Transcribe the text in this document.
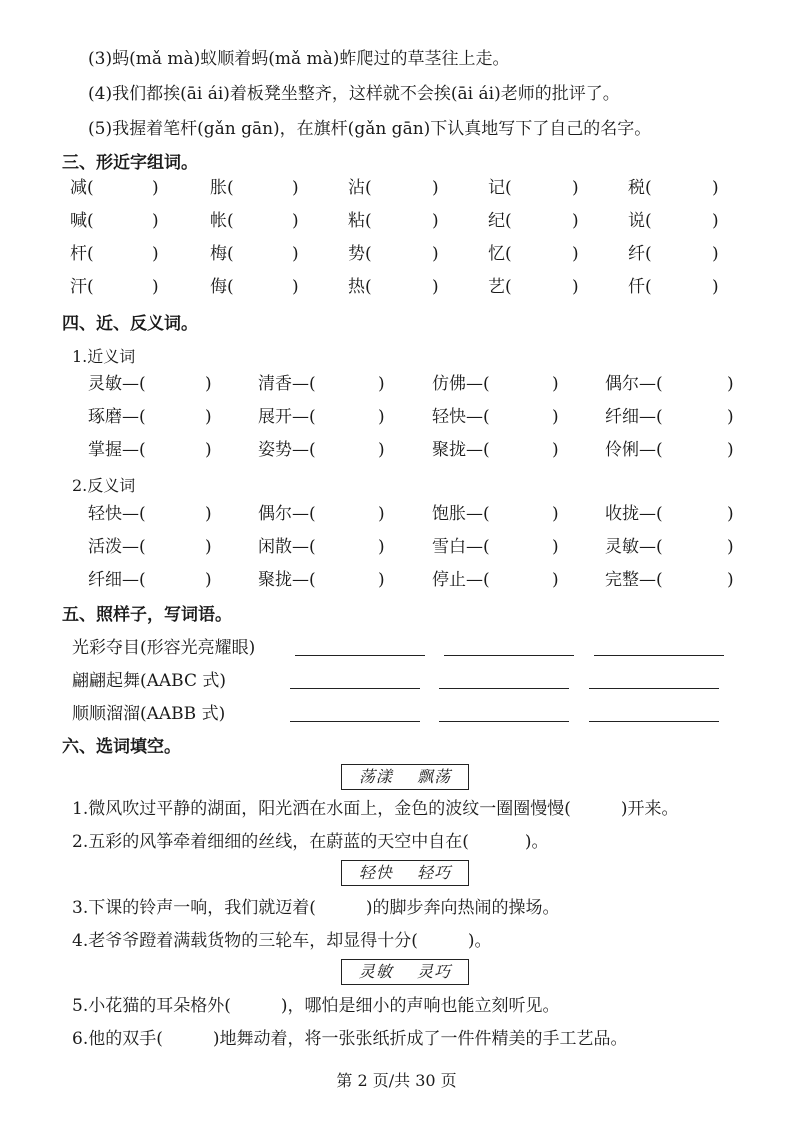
(3)蚂(mǎ mà)蚁顺着蚂(mǎ mà)蚱爬过的草茎往上走。
(4)我们都挨(āi ái)着板凳坐整齐，这样就不会挨(āi ái)老师的批评了。
(5)我握着笔杆(gǎn gān)，在旗杆(gǎn gān)下认真地写下了自己的名字。
三、形近字组词。
减(	)	胀(	)	沾(	)	记(	)	税(	)
喊(	)	帐(	)	粘(	)	纪(	)	说(	)
杆(	)	梅(	)	势(	)	忆(	)	纤(	)
汗(	)	侮(	)	热(	)	艺(	)	仟(	)
四、近、反义词。
1.近义词
灵敏—(	)	清香—(	)	仿佛—(	)	偶尔—(	)
琢磨—(	)	展开—(	)	轻快—(	)	纤细—(	)
掌握—(	)	姿势—(	)	聚拢—(	)	伶俐—(	)
2.反义词
轻快—(	)	偶尔—(	)	饱胀—(	)	收拢—(	)
活泼—(	)	闲散—(	)	雪白—(	)	灵敏—(	)
纤细—(	)	聚拢—(	)	停止—(	)	完整—(	)
五、照样子，写词语。
光彩夺目(形容光亮耀眼)
翩翩起舞(AABC 式)
顺顺溜溜(AABB 式)
六、选词填空。
荡漾 飘荡
1.微风吹过平静的湖面，阳光洒在水面上，金色的波纹一圈圈慢慢(	)开来。
2.五彩的风筝牵着细细的丝线，在蔚蓝的天空中自在(	)。
轻快 轻巧
3.下课的铃声一响，我们就迈着(	)的脚步奔向热闹的操场。
4.老爷爷蹬着满载货物的三轮车，却显得十分(	)。
灵敏 灵巧
5.小花猫的耳朵格外(	)，哪怕是细小的声响也能立刻听见。
6.他的双手(	)地舞动着，将一张张纸折成了一件件精美的手工艺品。
第 2 页/共 30 页
